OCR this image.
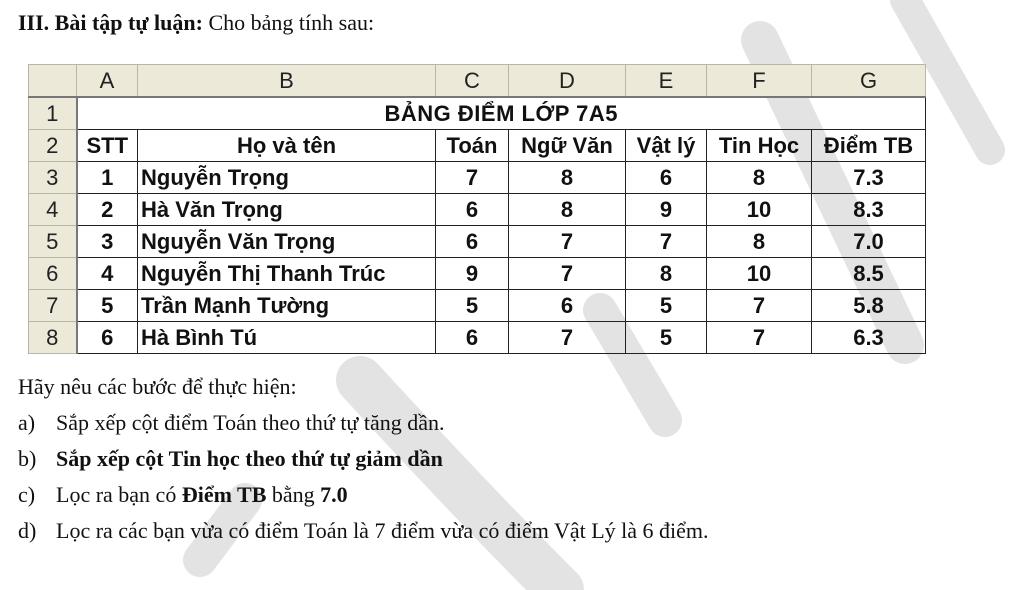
III. Bài tập tự luận: Cho bảng tính sau:
	A	B	C	D	E	F	G
1	BẢNG ĐIỂM LỚP 7A5						
2	STT	Họ và tên	Toán	Ngữ Văn	Vật lý	Tin Học	Điểm TB
3	1	Nguyễn Trọng	7	8	6	8	7.3
4	2	Hà Văn Trọng	6	8	9	10	8.3
5	3	Nguyễn Văn Trọng	6	7	7	8	7.0
6	4	Nguyễn Thị Thanh Trúc	9	7	8	10	8.5
7	5	Trần Mạnh Tường	5	6	5	7	5.8
8	6	Hà Bình Tú	6	7	5	7	6.3
Hãy nêu các bước để thực hiện:
a) Sắp xếp cột điểm Toán theo thứ tự tăng dần.
b) Sắp xếp cột Tin học theo thứ tự giảm dần
c) Lọc ra bạn có Điểm TB bằng 7.0
d) Lọc ra các bạn vừa có điểm Toán là 7 điểm vừa có điểm Vật Lý là 6 điểm.
